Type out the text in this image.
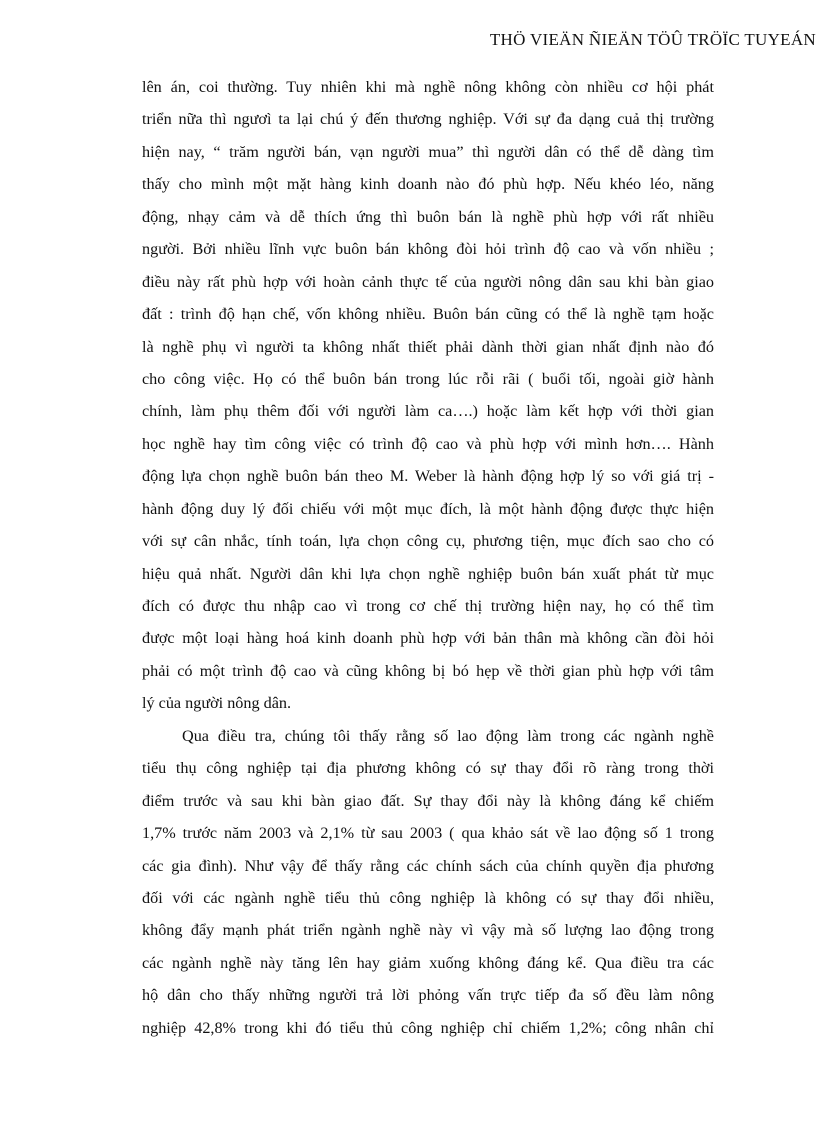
THÖ VIEÄN ÑIEÄN TÖÛ TRÖÏC TUYEÁN
lên án, coi thường. Tuy nhiên khi mà nghề nông không còn nhiều cơ hội phát
triển nữa thì ngươì ta lại chú ý đến thương nghiệp. Với sự đa dạng cuả thị trường
hiện nay, “ trăm người bán, vạn người mua” thì người dân có thể dễ dàng tìm
thấy cho mình một mặt hàng kinh doanh nào đó phù hợp. Nếu khéo léo, năng
động, nhạy cảm và dễ thích ứng thì buôn bán là nghề phù hợp với rất nhiều
người. Bởi nhiều lĩnh vực buôn bán không đòi hỏi trình độ cao và vốn nhiều ;
điều này rất phù hợp với hoàn cảnh thực tế của người nông dân sau khi bàn giao
đất : trình độ hạn chế, vốn không nhiều. Buôn bán cũng có thể là nghề tạm hoặc
là nghề phụ vì người ta không nhất thiết phải dành thời gian nhất định nào đó
cho công việc. Họ có thể buôn bán trong lúc rỗi rãi ( buổi tối, ngoài giờ hành
chính, làm phụ thêm đối với người làm ca….) hoặc làm kết hợp với thời gian
học nghề hay tìm công việc có trình độ cao và phù hợp với mình hơn…. Hành
động lựa chọn nghề buôn bán theo M. Weber là hành động hợp lý so với giá trị -
hành động duy lý đối chiếu với một mục đích, là một hành động được thực hiện
với sự cân nhắc, tính toán, lựa chọn công cụ, phương tiện, mục đích sao cho có
hiệu quả nhất. Người dân khi lựa chọn nghề nghiệp buôn bán xuất phát từ mục
đích có được thu nhập cao vì trong cơ chế thị trường hiện nay, họ có thể tìm
được một loại hàng hoá kinh doanh phù hợp với bản thân mà không cần đòi hỏi
phải có một trình độ cao và cũng không bị bó hẹp về thời gian phù hợp với tâm
lý của người nông dân.
Qua điều tra, chúng tôi thấy rằng số lao động làm trong các ngành nghề
tiểu thụ công nghiệp tại địa phương không có sự thay đổi rõ ràng trong thời
điểm trước và sau khi bàn giao đất. Sự thay đổi này là không đáng kể chiếm
1,7% trước năm 2003 và 2,1% từ sau 2003 ( qua khảo sát về lao động số 1 trong
các gia đình). Như vậy để thấy rằng các chính sách của chính quyền địa phương
đối với các ngành nghề tiểu thủ công nghiệp là không có sự thay đổi nhiều,
không đẩy mạnh phát triển ngành nghề này vì vậy mà số lượng lao động trong
các ngành nghề này tăng lên hay giảm xuống không đáng kể. Qua điều tra các
hộ dân cho thấy những người trả lời phỏng vấn trực tiếp đa số đều làm nông
nghiệp 42,8% trong khi đó tiểu thủ công nghiệp chỉ chiếm 1,2%; công nhân chỉ
